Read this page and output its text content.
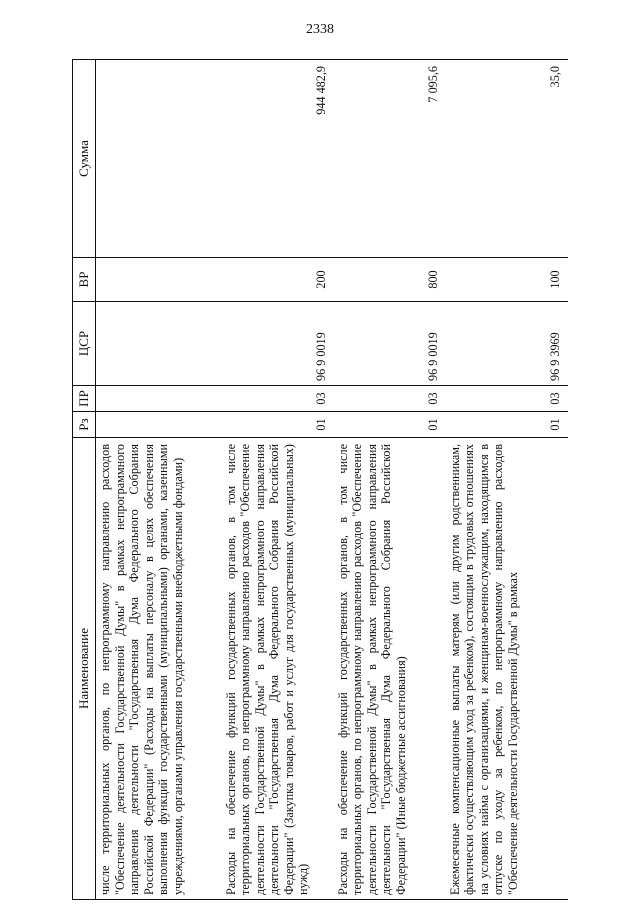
2338
Наименование	Рз	ПР	ЦСР	ВР	Сумма
числе территориальных органов, по непрограммному направлению расходов "Обеспечение деятельности Государственной Думы" в рамках непрограммного направления деятельности "Государственная Дума Федерального Собрания Российской Федерации" (Расходы на выплаты персоналу в целях обеспечения выполнения функций государственными (муниципальными) органами, казенными учреждениями, органами управления государственными внебюджетными фондами)					
Расходы на обеспечение функций государственных органов, в том числе территориальных органов, по непрограммному направлению расходов "Обеспечение деятельности Государственной Думы" в рамках непрограммного направления деятельности "Государственная Дума Федерального Собрания Российской Федерации" (Закупка товаров, работ и услуг для государственных (муниципальных) нужд)	01	03	96 9 0019	200	944 482,9
Расходы на обеспечение функций государственных органов, в том числе территориальных органов, по непрограммному направлению расходов "Обеспечение деятельности Государственной Думы" в рамках непрограммного направления деятельности "Государственная Дума Федерального Собрания Российской Федерации" (Иные бюджетные ассигнования)	01	03	96 9 0019	800	7 095,6
Ежемесячные компенсационные выплаты матерям (или другим родственникам, фактически осуществляющим уход за ребенком), состоящим в трудовых отношениях на условиях найма с организациями, и женщинам-военнослужащим, находящимся в отпуске по уходу за ребенком, по непрограммному направлению расходов "Обеспечение деятельности Государственной Думы" в рамках	01	03	96 9 3969	100	35,0
